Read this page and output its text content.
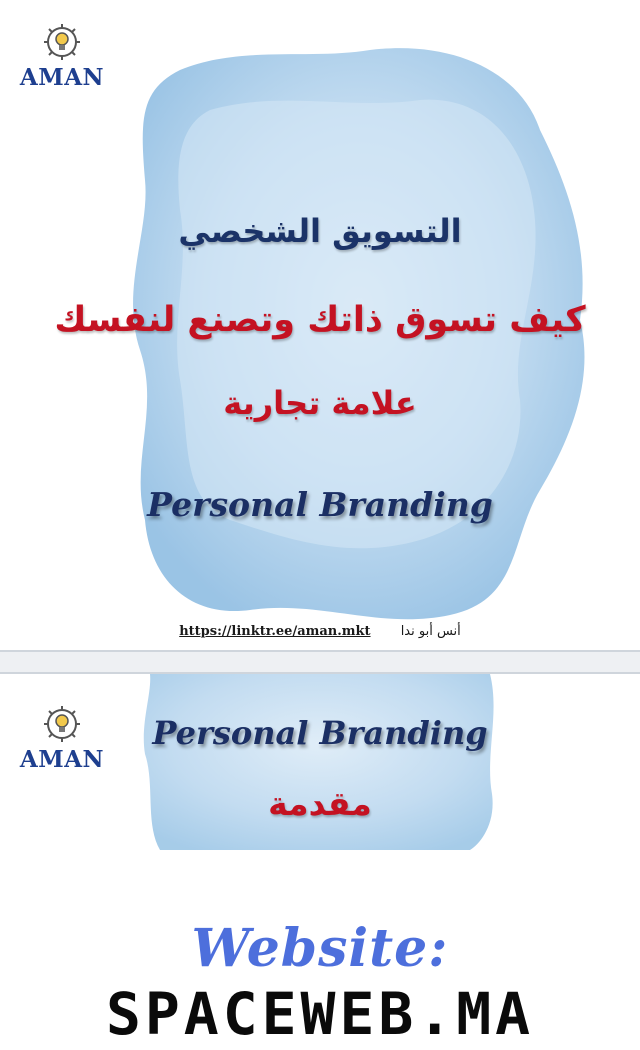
AMAN
التسويق الشخصي
كيف تسوق ذاتك وتصنع لنفسك
علامة تجارية
Personal Branding
https://linktr.ee/aman.mkt أنس أبو ندا
AMAN
Personal Branding
مقدمة
Website:
SPACEWEB.MA
